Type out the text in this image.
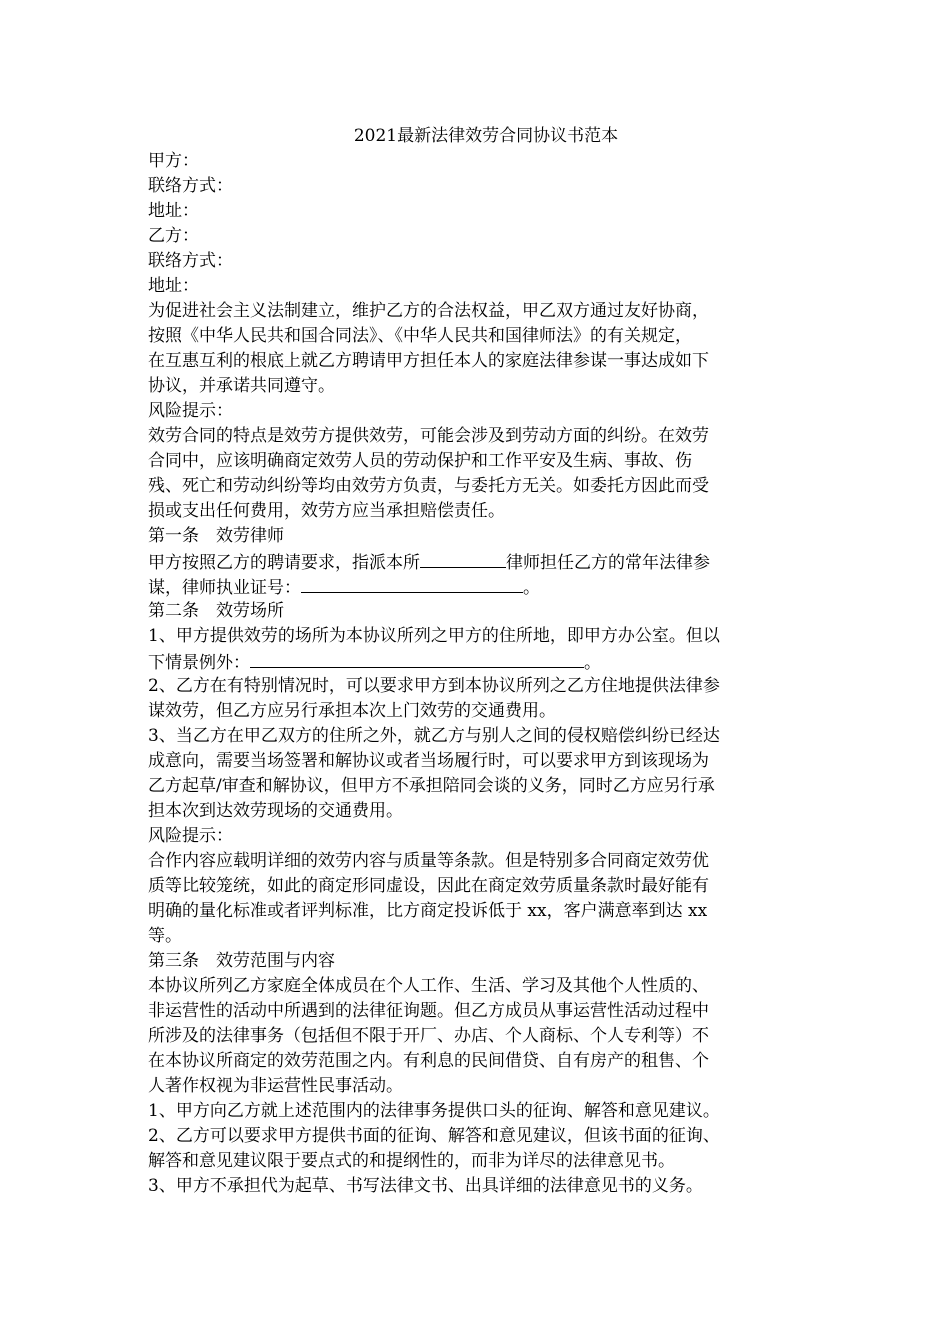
2021最新法律效劳合同协议书范本
甲方：
联络方式：
地址：
乙方：
联络方式：
地址：
为促进社会主义法制建立，维护乙方的合法权益，甲乙双方通过友好协商，
按照《中华人民共和国合同法》、《中华人民共和国律师法》的有关规定，
在互惠互利的根底上就乙方聘请甲方担任本人的家庭法律参谋一事达成如下
协议，并承诺共同遵守。
风险提示：
效劳合同的特点是效劳方提供效劳，可能会涉及到劳动方面的纠纷。在效劳
合同中，应该明确商定效劳人员的劳动保护和工作平安及生病、事故、伤
残、死亡和劳动纠纷等均由效劳方负责，与委托方无关。如委托方因此而受
损或支出任何费用，效劳方应当承担赔偿责任。
第一条　效劳律师
甲方按照乙方的聘请要求，指派本所	律师担任乙方的常年法律参
谋，律师执业证号：	。
第二条　效劳场所
1、甲方提供效劳的场所为本协议所列之甲方的住所地，即甲方办公室。但以
下情景例外：	。
2、乙方在有特别情况时，可以要求甲方到本协议所列之乙方住地提供法律参
谋效劳，但乙方应另行承担本次上门效劳的交通费用。
3、当乙方在甲乙双方的住所之外，就乙方与别人之间的侵权赔偿纠纷已经达
成意向，需要当场签署和解协议或者当场履行时，可以要求甲方到该现场为
乙方起草/审查和解协议，但甲方不承担陪同会谈的义务，同时乙方应另行承
担本次到达效劳现场的交通费用。
风险提示：
合作内容应载明详细的效劳内容与质量等条款。但是特别多合同商定效劳优
质等比较笼统，如此的商定形同虚设，因此在商定效劳质量条款时最好能有
明确的量化标准或者评判标准，比方商定投诉低于 xx，客户满意率到达 xx
等。
第三条　效劳范围与内容
本协议所列乙方家庭全体成员在个人工作、生活、学习及其他个人性质的、
非运营性的活动中所遇到的法律征询题。但乙方成员从事运营性活动过程中
所涉及的法律事务（包括但不限于开厂、办店、个人商标、个人专利等）不
在本协议所商定的效劳范围之内。有利息的民间借贷、自有房产的租售、个
人著作权视为非运营性民事活动。
1、甲方向乙方就上述范围内的法律事务提供口头的征询、解答和意见建议。
2、乙方可以要求甲方提供书面的征询、解答和意见建议，但该书面的征询、
解答和意见建议限于要点式的和提纲性的，而非为详尽的法律意见书。
3、甲方不承担代为起草、书写法律文书、出具详细的法律意见书的义务。
